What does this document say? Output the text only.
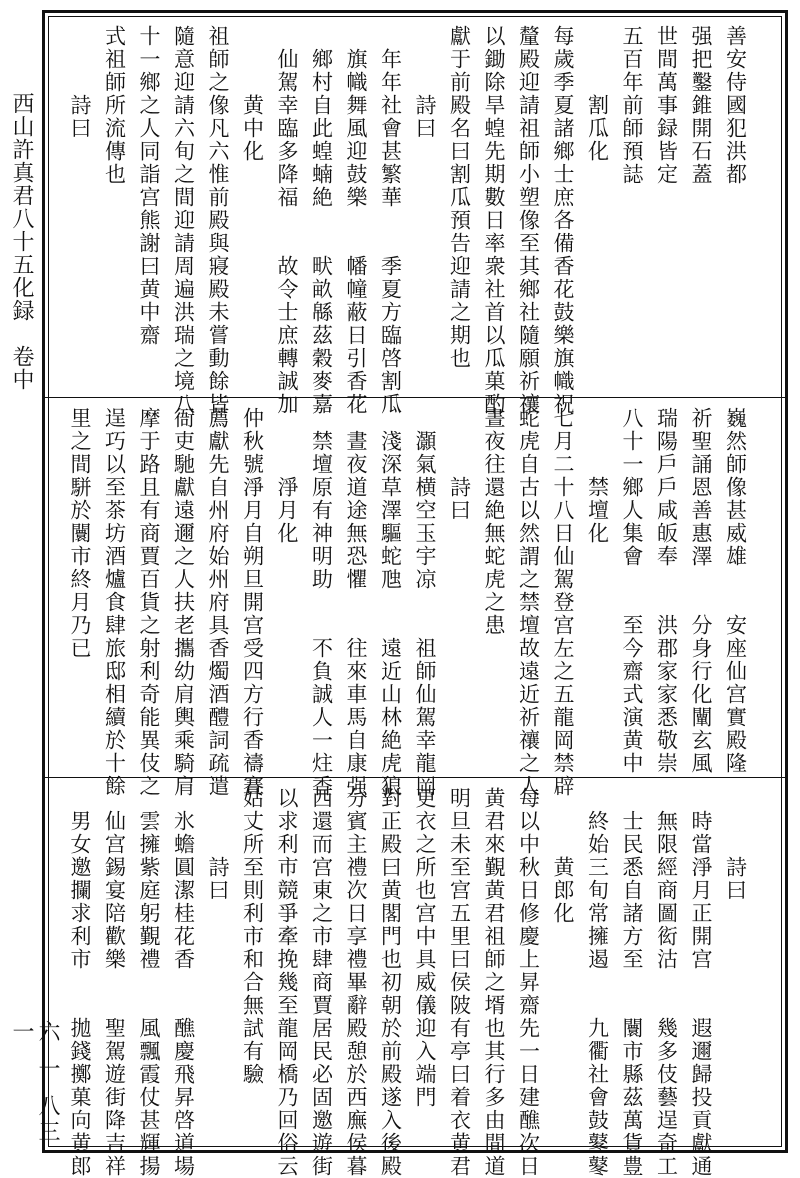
西山許真君八十五化録　卷中
六 一 八三一
善安侍國犯洪都
强把鑿錐開石蓋
世間萬事録皆定
五百年前師預誌
　　　割瓜化
每歲季夏諸鄉士庶各備香花鼓樂旗幟祝
釐殿迎請祖師小塑像至其鄉社隨願祈禳
以鋤除旱蝗先期數日率衆社首以瓜菓酌
獻于前殿名曰割瓜預告迎請之期也
　　　詩曰
　年年社會甚繁華　　季夏方臨啓割瓜
　旗幟舞風迎鼓樂　　幡幢蔽日引香花
　鄉村自此蝗蝻絶　　畎畝緜茲穀麥嘉
　仙駕幸臨多降福　　故令士庶轉誠加
　　　黄中化
祖師之像凡六惟前殿與寢殿未嘗動餘皆
隨意迎請六旬之間迎請周遍洪瑞之境八
十一鄉之人同詣宫熊謝曰黄中齋
式祖師所流傳也
　　　詩曰
巍然師像甚威雄　　安座仙宫實殿隆
祈聖誦恩善惠澤　　分身行化闡玄風
瑞陽戶戶咸皈奉　　洪郡家家悉敬崇
八十一鄉人集會　　至今齋式演黄中
　　　禁壇化
七月二十八日仙駕登宫左之五龍岡禁辟
蛇虎自古以然謂之禁壇故遠近祈禳之人
晝夜往還絶無蛇虎之患
　　　詩曰
　灝氣横空玉宇凉　　祖師仙駕幸龍岡
　淺深草澤驅蛇虺　　遠近山林絶虎狼
　晝夜道途無恐懼　　往來車馬自康强
　禁壇原有神明助　　不負誠人一炷香
　　　淨月化
仲秋號淨月自朔旦開宫受四方行香禱賽
薦獻先自州府始州府具香燭酒醴詞疏遣
衙吏馳獻遠邇之人扶老攜幼肩輿乘騎肩
摩于路且有商賈百貨之射利奇能異伎之
逞巧以至茶坊酒爐食肆旅邸相續於十餘
里之間駢於闤市終月乃已
　　　詩曰
　時當淨月正開宫　　遐邇歸投貢獻通
　無限經商圖衒沽　　幾多伎藝逞奇工
　士民悉自諸方至　　闤市縣茲萬貨豊
　終始三旬常擁遏　　九衢社會鼓鼕鼕
　　　黄郎化
每以中秋日修慶上昇齋先一日建醮次日
黄君來覲黄君祖師之壻也其行多由間道
明旦未至宫五里曰侯陂有亭曰着衣黄君
更衣之所也宫中具威儀迎入端門
對正殿曰黄閣門也初朝於前殿遂入後殿
分賓主禮次日享禮畢辭殿憩於西廡侯暮
西還而宫東之市肆商賈居民必固邀遊街
以求利市競爭牽挽幾至龍岡橋乃回俗云
姑丈所至則利市和合無試有驗
　　　詩曰
　氷蟾圓潔桂花香　　醮慶飛昇啓道場
　雲擁紫庭躬覲禮　　風飄霞仗甚輝揚
　仙宫錫宴陪歡樂　　聖駕遊街降吉祥
　男女邀攔求利市　　拋錢擲菓向黄郎
